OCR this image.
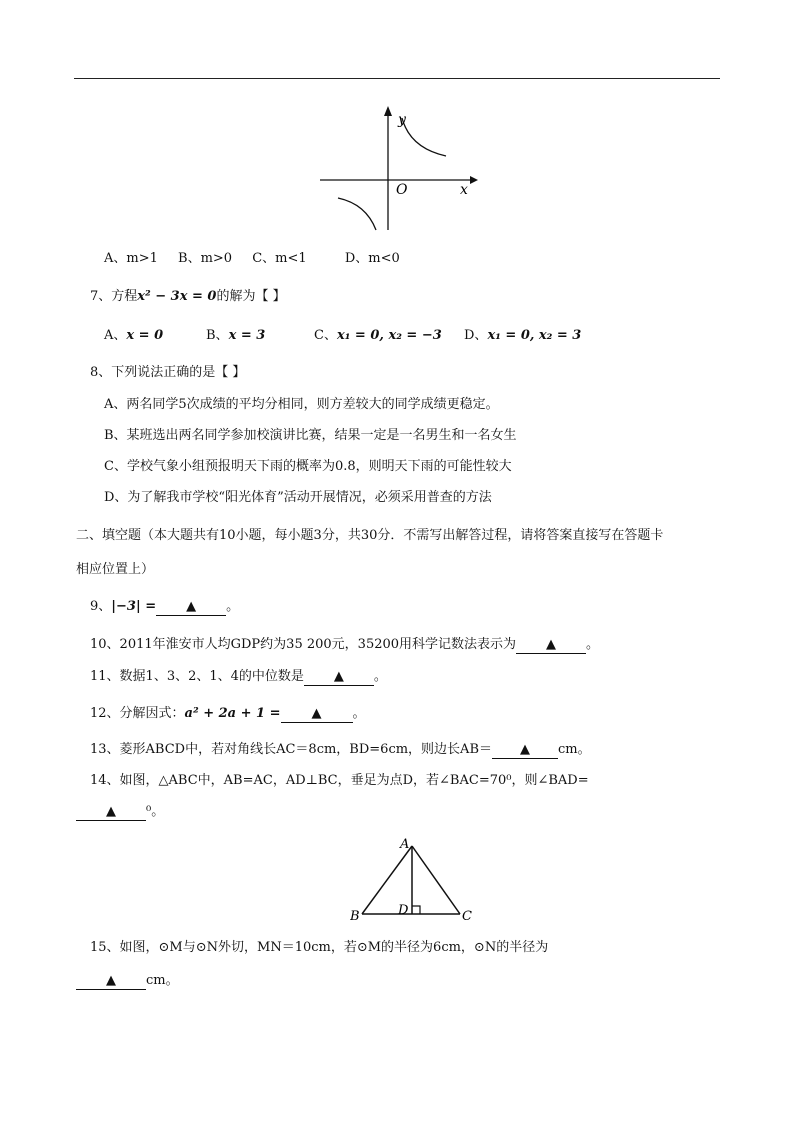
y
x
O
A、m>1 B、m>0 C、m<1	D、m<0
7、方程x² − 3x = 0的解为【 】
A、x = 0	B、x = 3	C、x₁ = 0, x₂ = −3 D、x₁ = 0, x₂ = 3
8、下列说法正确的是【 】
A、两名同学5次成绩的平均分相同，则方差较大的同学成绩更稳定。
B、某班选出两名同学参加校演讲比赛，结果一定是一名男生和一名女生
C、学校气象小组预报明天下雨的概率为0.8，则明天下雨的可能性较大
D、为了解我市学校“阳光体育”活动开展情况，必须采用普查的方法
二、填空题（本大题共有10小题，每小题3分，共30分．不需写出解答过程，请将答案直接写在答题卡
相应位置上）
9、|−3| = ▲ 。
10、2011年淮安市人均GDP约为35 200元，35200用科学记数法表示为 ▲ 。
11、数据1、3、2、1、4的中位数是 ▲ 。
12、分解因式：a² + 2a + 1 = ▲ 。
13、菱形ABCD中，若对角线长AC＝8cm，BD=6cm，则边长AB＝ ▲ cm。
14、如图，△ABC中，AB=AC，AD⊥BC，垂足为点D，若∠BAC=70⁰，则∠BAD=
▲ ⁰。
A
B	C
D
15、如图，⊙M与⊙N外切，MN＝10cm，若⊙M的半径为6cm，⊙N的半径为
▲ cm。
